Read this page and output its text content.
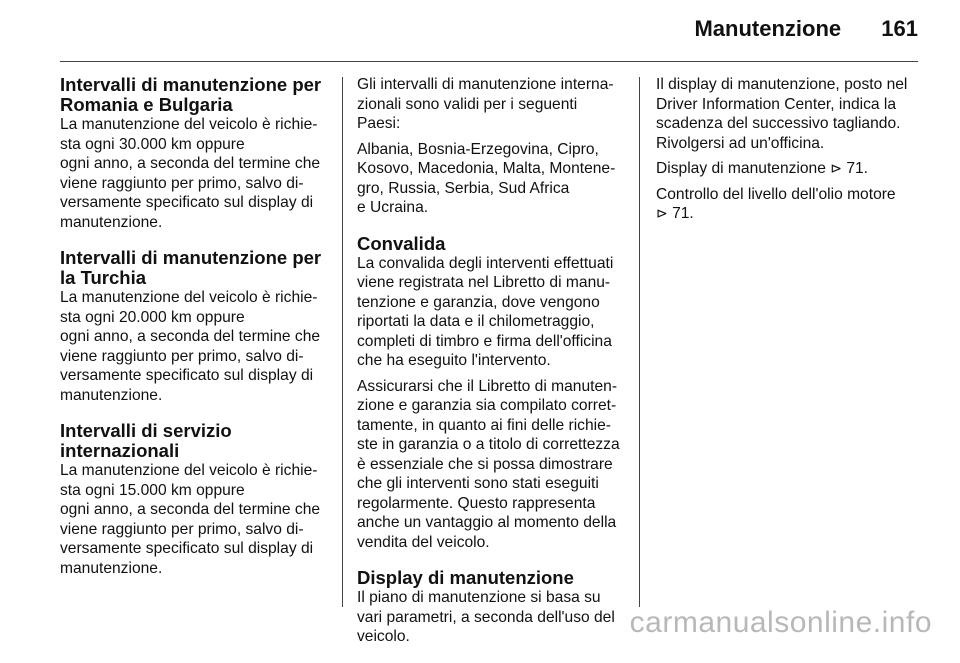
Manutenzione 161
Intervalli di manutenzione per Romania e Bulgaria

La manutenzione del veicolo è richie-
sta ogni 30.000 km oppure
ogni anno, a seconda del termine che
viene raggiunto per primo, salvo di-
versamente specificato sul display di
manutenzione.

Intervalli di manutenzione per la Turchia

La manutenzione del veicolo è richie-
sta ogni 20.000 km oppure
ogni anno, a seconda del termine che
viene raggiunto per primo, salvo di-
versamente specificato sul display di
manutenzione.

Intervalli di servizio internazionali

La manutenzione del veicolo è richie-
sta ogni 15.000 km oppure
ogni anno, a seconda del termine che
viene raggiunto per primo, salvo di-
versamente specificato sul display di
manutenzione.

Gli intervalli di manutenzione interna-
zionali sono validi per i seguenti
Paesi:

Albania, Bosnia-Erzegovina, Cipro,
Kosovo, Macedonia, Malta, Montene-
gro, Russia, Serbia, Sud Africa
e Ucraina.

Convalida

La convalida degli interventi effettuati
viene registrata nel Libretto di manu-
tenzione e garanzia, dove vengono
riportati la data e il chilometraggio,
completi di timbro e firma dell'officina
che ha eseguito l'intervento.

Assicurarsi che il Libretto di manuten-
zione e garanzia sia compilato corret-
tamente, in quanto ai fini delle richie-
ste in garanzia o a titolo di correttezza
è essenziale che si possa dimostrare
che gli interventi sono stati eseguiti
regolarmente. Questo rappresenta
anche un vantaggio al momento della
vendita del veicolo.

Display di manutenzione

Il piano di manutenzione si basa su
vari parametri, a seconda dell'uso del
veicolo.

Il display di manutenzione, posto nel
Driver Information Center, indica la
scadenza del successivo tagliando.
Rivolgersi ad un'officina.

Display di manutenzione ⊳ 71.

Controllo del livello dell'olio motore
⊳ 71.

carmanualsonline.info
